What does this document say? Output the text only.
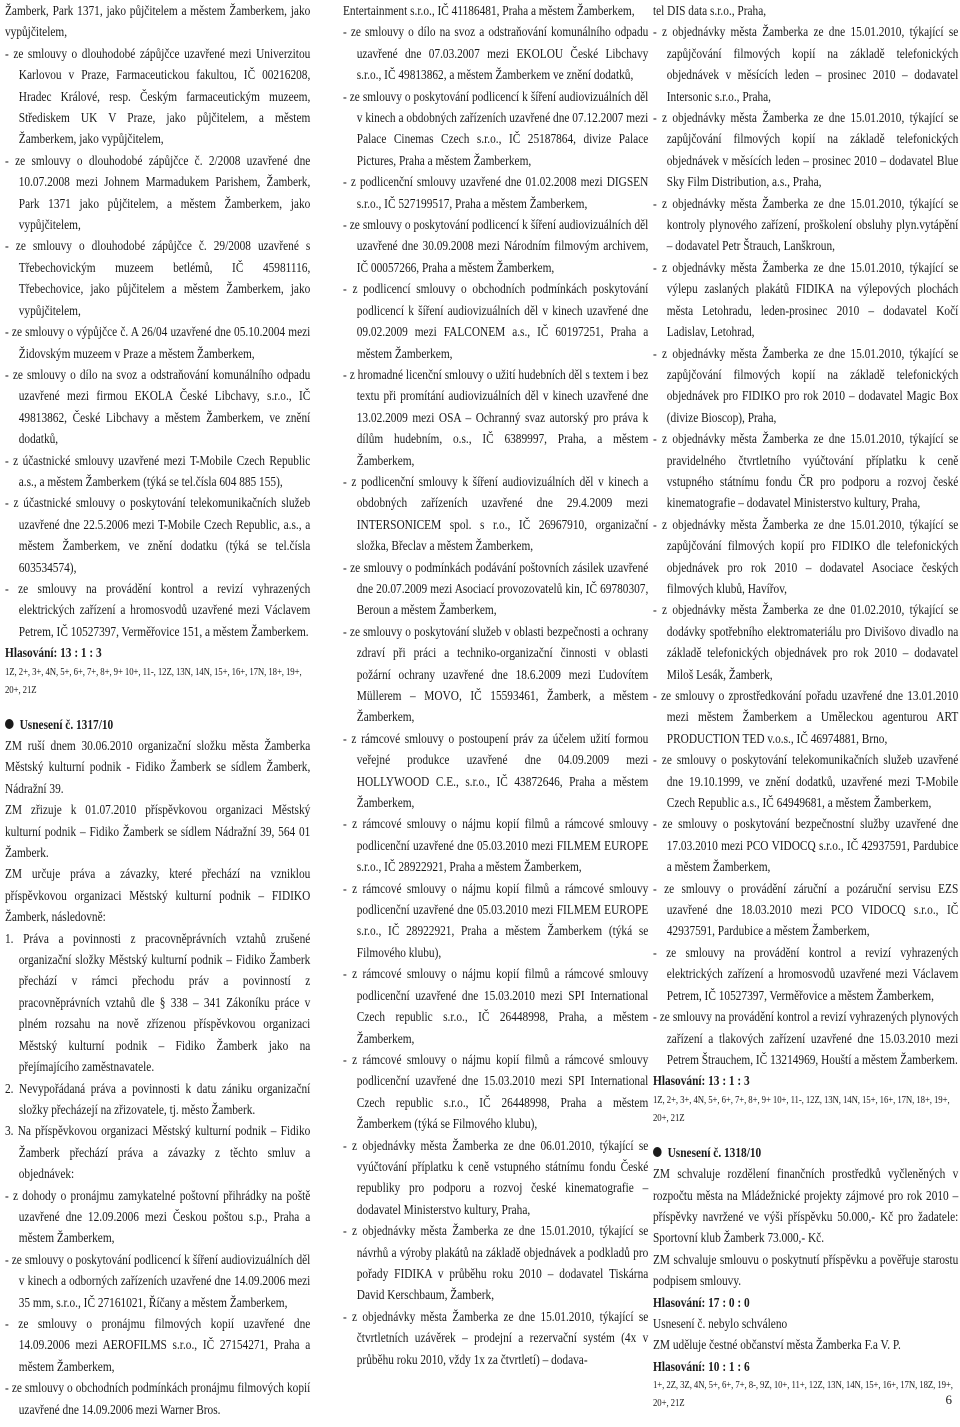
Žamberk, Park 1371, jako půjčitelem a městem Žamberkem, jako vypůjčitelem,

- ze smlouvy o dlouhodobé zápůjčce uzavřené mezi Univerzitou Karlovou v Praze, Farmaceutickou fakultou, IČ 00216208, Hradec Králové, resp. Českým farmaceutickým muzeem, Střediskem UK V Praze, jako půjčitelem, a městem Žamberkem, jako vypůjčitelem,

- ze smlouvy o dlouhodobé zápůjčce č. 2/2008 uzavřené dne 10.07.2008 mezi Johnem Marmadukem Parishem, Žamberk, Park 1371 jako půjčitelem, a městem Žamberkem, jako vypůjčitelem,

- ze smlouvy o dlouhodobé zápůjčce č. 29/2008 uzavřené s Třebechovickým muzeem betlémů, IČ 45981116, Třebechovice, jako půjčitelem a městem Žamberkem, jako vypůjčitelem,

- ze smlouvy o výpůjčce č. A 26/04 uzavřené dne 05.10.2004 mezi Židovským muzeem v Praze a městem Žamberkem,

- ze smlouvy o dílo na svoz a odstraňování komunálního odpadu uzavřené mezi firmou EKOLA České Libchavy, s.r.o., IČ 49813862, České Libchavy a městem Žamberkem, ve znění dodatků,

- z účastnické smlouvy uzavřené mezi T-Mobile Czech Republic a.s., a městem Žamberkem (týká se tel.čísla 604 885 155),

- z účastnické smlouvy o poskytování telekomunikačních služeb uzavřené dne 22.5.2006 mezi T-Mobile Czech Republic, a.s., a městem Žamberkem, ve znění dodatku (týká se tel.čísla 603534574),

- ze smlouvy na provádění kontrol a revizí vyhrazených elektrických zařízení a hromosvodů uzavřené mezi Václavem Petrem, IČ 10527397, Verměřovice 151, a městem Žamberkem.

Hlasování: 13 : 1 : 3

1Z, 2+, 3+, 4N, 5+, 6+, 7+, 8+, 9+ 10+, 11-, 12Z, 13N, 14N, 15+, 16+, 17N, 18+, 19+, 20+, 21Z

Usnesení č. 1317/10

ZM ruší dnem 30.06.2010 organizační složku města Žamberka Městský kulturní podnik - Fidiko Žamberk se sídlem Žamberk, Nádražní 39.

ZM zřizuje k 01.07.2010 příspěvkovou organizaci Městský kulturní podnik – Fidiko Žamberk se sídlem Nádražní 39, 564 01 Žamberk.

ZM určuje práva a závazky, které přechází na vzniklou příspěvkovou organizaci Městský kulturní podnik – FIDIKO Žamberk, následovně:

1. Práva a povinnosti z pracovněprávních vztahů zrušené organizační složky Městský kulturní podnik – Fidiko Žamberk přechází v rámci přechodu práv a povinností z pracovněprávních vztahů dle § 338 – 341 Zákoníku práce v plném rozsahu na nově zřízenou příspěvkovou organizaci Městský kulturní podnik – Fidiko Žamberk jako na přejímajícího zaměstnavatele.

2. Nevypořádaná práva a povinnosti k datu zániku organizační složky přecházejí na zřizovatele, tj. město Žamberk.

3. Na příspěvkovou organizaci Městský kulturní podnik – Fidiko Žamberk přechází práva a závazky z těchto smluv a objednávek:

- z dohody o pronájmu zamykatelné poštovní přihrádky na poště uzavřené dne 12.09.2006 mezi Českou poštou s.p., Praha a městem Žamberkem,

- ze smlouvy o poskytování podlicencí k šíření audiovizuálních děl v kinech a odborných zařízeních uzavřené dne 14.09.2006 mezi 35 mm, s.r.o., IČ 27161021, Říčany a městem Žamberkem,

- ze smlouvy o pronájmu filmových kopií uzavřené dne 14.09.2006 mezi AEROFILMS s.r.o., IČ 27154271, Praha a městem Žamberkem,

- ze smlouvy o obchodních podmínkách pronájmu filmových kopií uzavřené dne 14.09.2006 mezi Warner Bros.

Entertainment s.r.o., IČ 41186481, Praha a městem Žamberkem,

- ze smlouvy o dílo na svoz a odstraňování komunálního odpadu uzavřené dne 07.03.2007 mezi EKOLOU České Libchavy s.r.o., IČ 49813862, a městem Žamberkem ve znění dodatků,

- ze smlouvy o poskytování podlicencí k šíření audiovizuálních děl v kinech a obdobných zařízeních uzavřené dne 07.12.2007 mezi Palace Cinemas Czech s.r.o., IČ 25187864, divize Palace Pictures, Praha a městem Žamberkem,

- z podlicenční smlouvy uzavřené dne 01.02.2008 mezi DIGSEN s.r.o., IČ 527199517, Praha a městem Žamberkem,

- ze smlouvy o poskytování podlicencí k šíření audiovizuálních děl uzavřené dne 30.09.2008 mezi Národním filmovým archivem, IČ 00057266, Praha a městem Žamberkem,

- z podlicencí smlouvy o obchodních podmínkách poskytování podlicencí k šíření audiovizuálních děl v kinech uzavřené dne 09.02.2009 mezi FALCONEM a.s., IČ 60197251, Praha a městem Žamberkem,

- z hromadné licenční smlouvy o užití hudebních děl s textem i bez textu při promítání audiovizuálních děl v kinech uzavřené dne 13.02.2009 mezi OSA – Ochranný svaz autorský pro práva k dílům hudebním, o.s., IČ 6389997, Praha, a městem Žamberkem,

- z podlicenční smlouvy k šíření audiovizuálních děl v kinech a obdobných zařízeních uzavřené dne 29.4.2009 mezi INTERSONICEM spol. s r.o., IČ 26967910, organizační složka, Břeclav a městem Žamberkem,

- ze smlouvy o podmínkách podávání poštovních zásilek uzavřené dne 20.07.2009 mezi Asociací provozovatelů kin, IČ 69780307, Beroun a městem Žamberkem,

- ze smlouvy o poskytování služeb v oblasti bezpečnosti a ochrany zdraví při práci a techniko-organizační činnosti v oblasti požární ochrany uzavřené dne 18.6.2009 mezi Ľudovítem Müllerem – MOVO, IČ 15593461, Žamberk, a městem Žamberkem,

- z rámcové smlouvy o postoupení práv za účelem užití formou veřejné produkce uzavřené dne 04.09.2009 mezi HOLLYWOOD C.E., s.r.o., IČ 43872646, Praha a městem Žamberkem,

- z rámcové smlouvy o nájmu kopií filmů a rámcové smlouvy podlicenční uzavřené dne 05.03.2010 mezi FILMEM EUROPE s.r.o., IČ 28922921, Praha a městem Žamberkem,

- z rámcové smlouvy o nájmu kopií filmů a rámcové smlouvy podlicenční uzavřené dne 05.03.2010 mezi FILMEM EUROPE s.r.o., IČ 28922921, Praha a městem Žamberkem (týká se Filmového klubu),

- z rámcové smlouvy o nájmu kopií filmů a rámcové smlouvy podlicenční uzavřené dne 15.03.2010 mezi SPI International Czech republic s.r.o., IČ 26448998, Praha, a městem Žamberkem,

- z rámcové smlouvy o nájmu kopií filmů a rámcové smlouvy podlicenční uzavřené dne 15.03.2010 mezi SPI International Czech republic s.r.o., IČ 26448998, Praha a městem Žamberkem (týká se Filmového klubu),

- z objednávky města Žamberka ze dne 06.01.2010, týkající se vyúčtování příplatku k ceně vstupného státnímu fondu České republiky pro podporu a rozvoj české kinematografie – dodavatel Ministerstvo kultury, Praha,

- z objednávky města Žamberka ze dne 15.01.2010, týkající se návrhů a výroby plakátů na základě objednávek a podkladů pro pořady FIDIKA v průběhu roku 2010 – dodavatel Tiskárna David Kerschbaum, Žamberk,

- z objednávky města Žamberka ze dne 15.01.2010, týkající se čtvrtletních uzávěrek – prodejní a rezervační systém (4x v průběhu roku 2010, vždy 1x za čtvrtletí) – dodava-

tel DIS data s.r.o., Praha,

- z objednávky města Žamberka ze dne 15.01.2010, týkající se zapůjčování filmových kopií na základě telefonických objednávek v měsících leden – prosinec 2010 – dodavatel Intersonic s.r.o., Praha,

- z objednávky města Žamberka ze dne 15.01.2010, týkající se zapůjčování filmových kopií na základě telefonických objednávek v měsících leden – prosinec 2010 – dodavatel Blue Sky Film Distribution, a.s., Praha,

- z objednávky města Žamberka ze dne 15.01.2010, týkající se kontroly plynového zařízení, proškolení obsluhy plyn.vytápění – dodavatel Petr Štrauch, Lanškroun,

- z objednávky města Žamberka ze dne 15.01.2010, týkající se výlepu zaslaných plakátů FIDIKA na výlepových plochách města Letohradu, leden-prosinec 2010 – dodavatel Kočí Ladislav, Letohrad,

- z objednávky města Žamberka ze dne 15.01.2010, týkající se zapůjčování filmových kopií na základě telefonických objednávek pro FIDIKO pro rok 2010 – dodavatel Magic Box (divize Bioscop), Praha,

- z objednávky města Žamberka ze dne 15.01.2010, týkající se pravidelného čtvrtletního vyúčtování příplatku k ceně vstupného státnímu fondu ČR pro podporu a rozvoj české kinematografie – dodavatel Ministerstvo kultury, Praha,

- z objednávky města Žamberka ze dne 15.01.2010, týkající se zapůjčování filmových kopií pro FIDIKO dle telefonických objednávek pro rok 2010 – dodavatel Asociace českých filmových klubů, Havířov,

- z objednávky města Žamberka ze dne 01.02.2010, týkající se dodávky spotřebního elektromateriálu pro Divišovo divadlo na základě telefonických objednávek pro rok 2010 – dodavatel Miloš Lesák, Žamberk,

- ze smlouvy o zprostředkování pořadu uzavřené dne 13.01.2010 mezi městem Žamberkem a Uměleckou agenturou ART PRODUCTION TED v.o.s., IČ 46974881, Brno,

- ze smlouvy o poskytování telekomunikačních služeb uzavřené dne 19.10.1999, ve znění dodatků, uzavřené mezi T-Mobile Czech Republic a.s., IČ 64949681, a městem Žamberkem,

- ze smlouvy o poskytování bezpečnostní služby uzavřené dne 17.03.2010 mezi PCO VIDOCQ s.r.o., IČ 42937591, Pardubice a městem Žamberkem,

- ze smlouvy o provádění záruční a pozáruční servisu EZS uzavřené dne 18.03.2010 mezi PCO VIDOCQ s.r.o., IČ 42937591, Pardubice a městem Žamberkem,

- ze smlouvy na provádění kontrol a revizí vyhrazených elektrických zařízení a hromosvodů uzavřené mezi Václavem Petrem, IČ 10527397, Verměřovice a městem Žamberkem,

- ze smlouvy na provádění kontrol a revizí vyhrazených plynových zařízení a tlakových zařízení uzavřené dne 15.03.2010 mezi Petrem Štrauchem, IČ 13214969, Houští a městem Žamberkem.

Hlasování: 13 : 1 : 3

1Z, 2+, 3+, 4N, 5+, 6+, 7+, 8+, 9+ 10+, 11-, 12Z, 13N, 14N, 15+, 16+, 17N, 18+, 19+, 20+, 21Z

Usnesení č. 1318/10

ZM schvaluje rozdělení finančních prostředků vyčleněných v rozpočtu města na Mládežnické projekty zájmové pro rok 2010 – příspěvky navržené ve výši příspěvku 50.000,- Kč pro žadatele: Sportovní klub Žamberk 73.000,- Kč.

ZM schvaluje smlouvu o poskytnutí příspěvku a pověřuje starostu podpisem smlouvy.

Hlasování: 17 : 0 : 0

Usnesení č. nebylo schváleno

ZM uděluje čestné občanství města Žamberka F.a V. P.

Hlasování: 10 : 1 : 6

1+, 2Z, 3Z, 4N, 5+, 6+, 7+, 8-, 9Z, 10+, 11+, 12Z, 13N, 14N, 15+, 16+, 17N, 18Z, 19+, 20+, 21Z	6
